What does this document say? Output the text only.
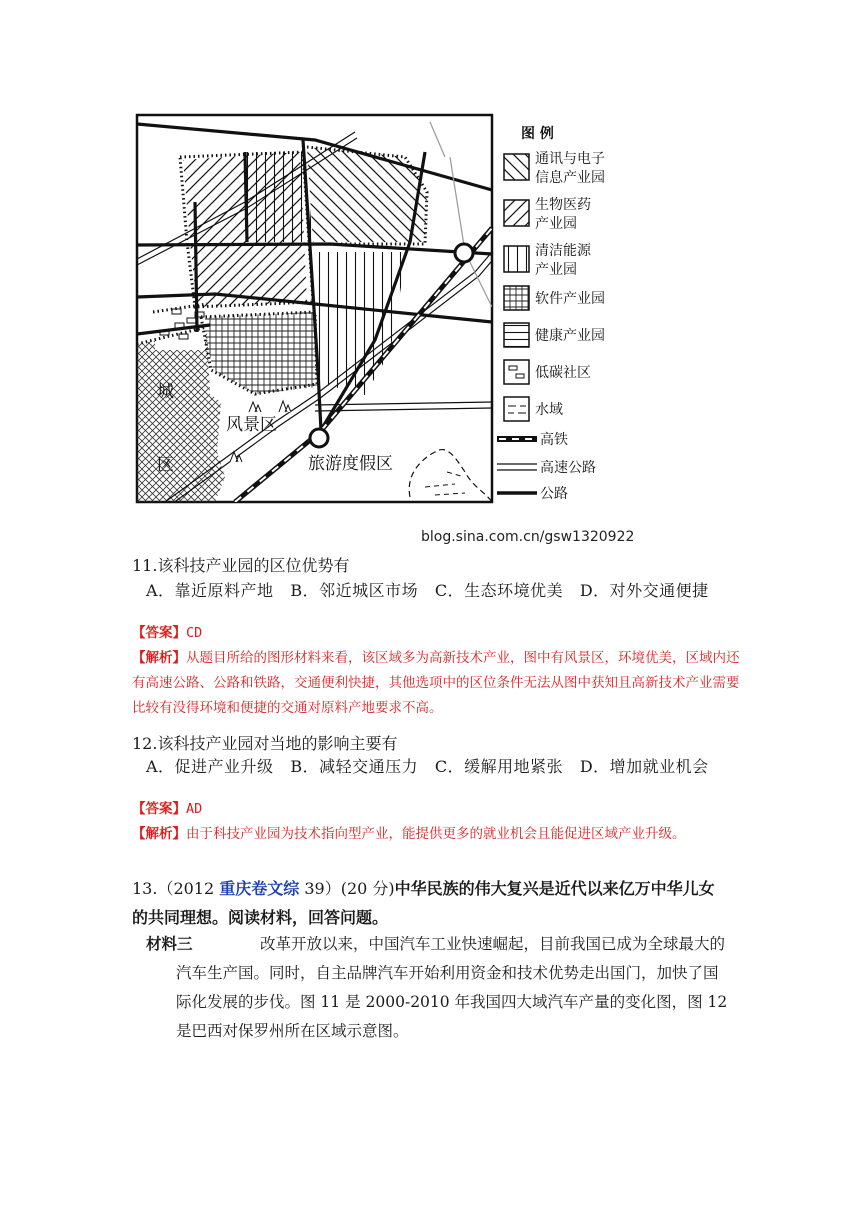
城
区
风景区
旅游度假区
图 例
通讯与电子
信息产业园
生物医药
产业园
清洁能源
产业园
软件产业园
健康产业园
低碳社区
水域
高铁
高速公路
公路
blog.sina.com.cn/gsw1320922
11.该科技产业园的区位优势有
A．靠近原料产地   B．邻近城区市场   C．生态环境优美   D．对外交通便捷
【答案】CD
【解析】从题目所给的图形材料来看，该区域多为高新技术产业，图中有风景区，环境优美，区域内还有高速公路、公路和铁路，交通便利快捷，其他选项中的区位条件无法从图中获知且高新技术产业需要比较有没得环境和便捷的交通对原料产地要求不高。
12.该科技产业园对当地的影响主要有
A．促进产业升级   B．减轻交通压力   C．缓解用地紧张   D．增加就业机会
【答案】AD
【解析】由于科技产业园为技术指向型产业，能提供更多的就业机会且能促进区域产业升级。
13.（2012 重庆卷文综 39）(20 分)中华民族的伟大复兴是近代以来亿万中华儿女
的共同理想。阅读材料，回答问题。
材料三	改革开放以来，中国汽车工业快速崛起，目前我国已成为全球最大的汽车生产国。同时，自主品牌汽车开始利用资金和技术优势走出国门，加快了国际化发展的步伐。图 11 是 2000-2010 年我国四大域汽车产量的变化图，图 12 是巴西对保罗州所在区域示意图。
